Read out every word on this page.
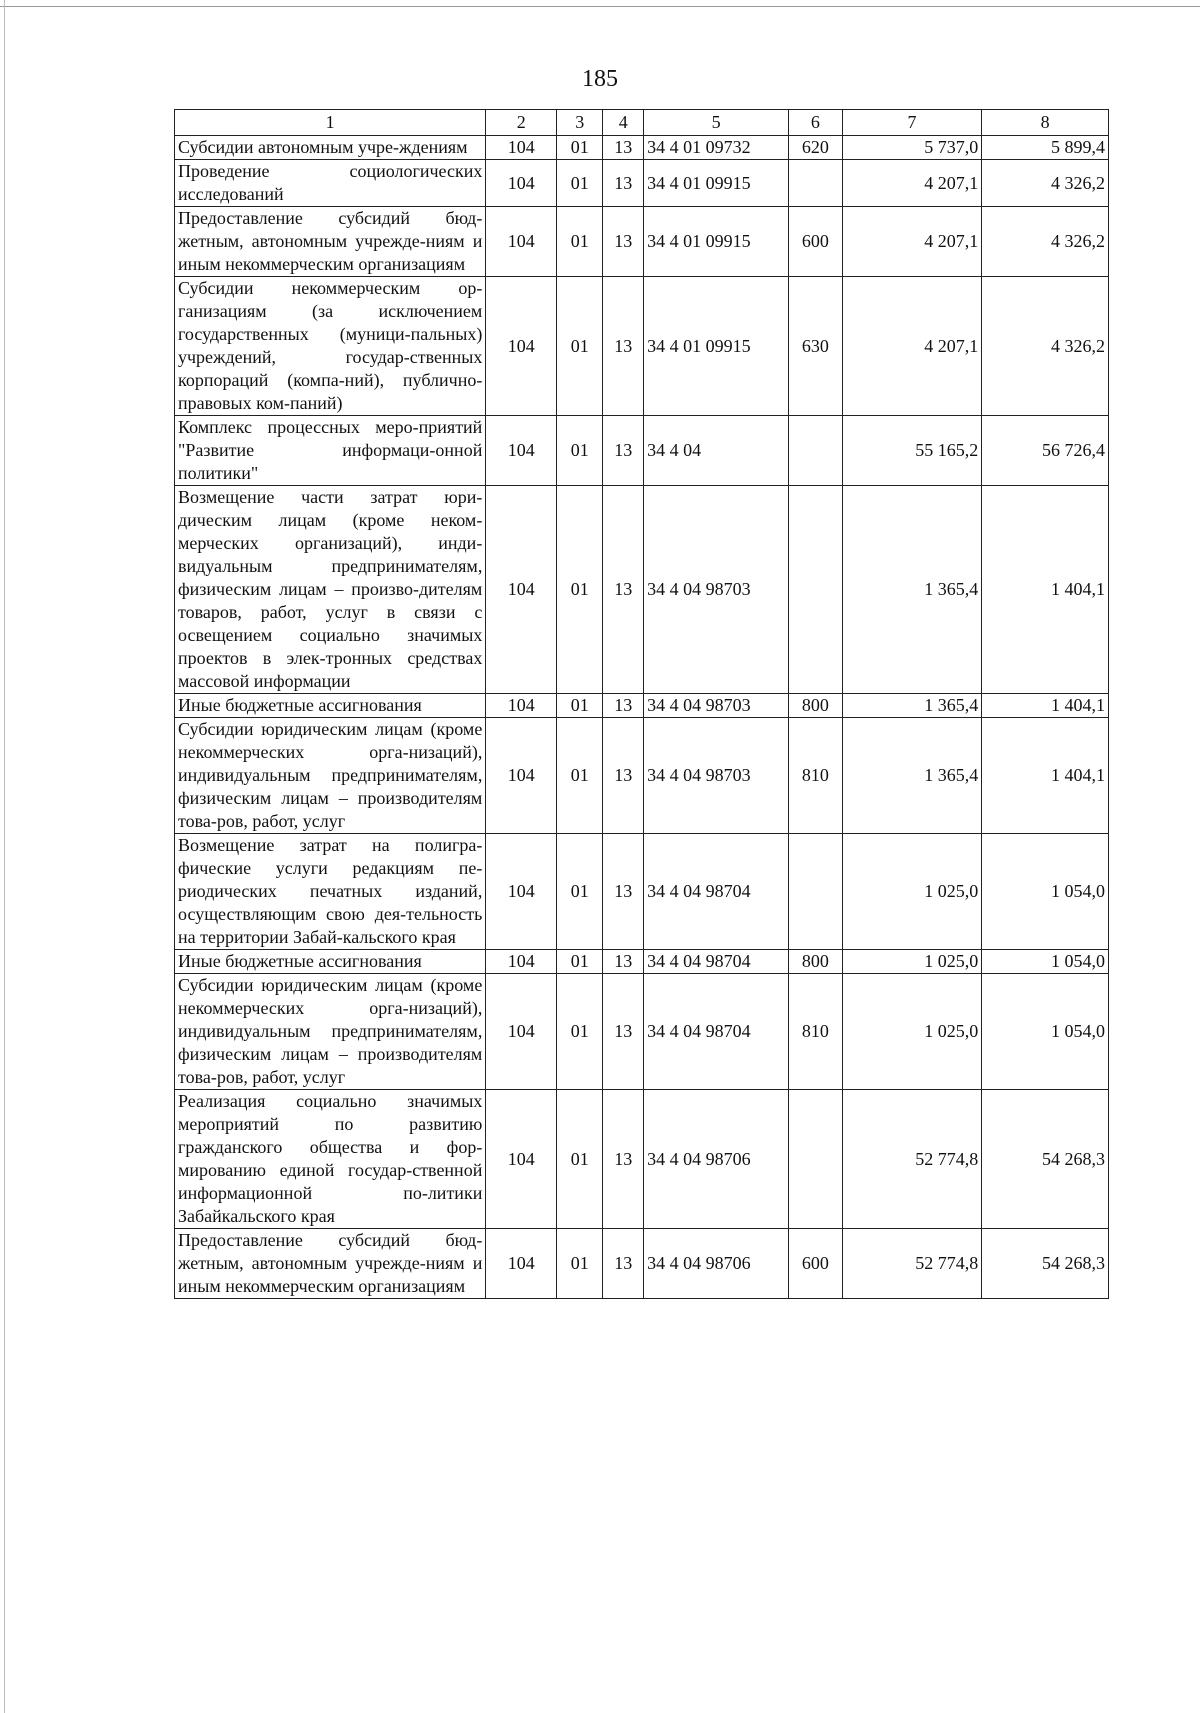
185
1	2	3	4	5	6	7	8
Субсидии автономным учре-ждениям	104	01	13	34 4 01 09732	620	5 737,0	5 899,4
Проведение социологических исследований	104	01	13	34 4 01 09915		4 207,1	4 326,2
Предоставление субсидий бюд-жетным, автономным учрежде-ниям и иным некоммерческим организациям	104	01	13	34 4 01 09915	600	4 207,1	4 326,2
Субсидии некоммерческим ор-ганизациям (за исключением государственных (муници-пальных) учреждений, государ-ственных корпораций (компа-ний), публично-правовых ком-паний)	104	01	13	34 4 01 09915	630	4 207,1	4 326,2
Комплекс процессных меро-приятий "Развитие информаци-онной политики"	104	01	13	34 4 04		55 165,2	56 726,4
Возмещение части затрат юри-дическим лицам (кроме неком-мерческих организаций), инди-видуальным предпринимателям, физическим лицам – произво-дителям товаров, работ, услуг в связи с освещением социально значимых проектов в элек-тронных средствах массовой информации	104	01	13	34 4 04 98703		1 365,4	1 404,1
Иные бюджетные ассигнования	104	01	13	34 4 04 98703	800	1 365,4	1 404,1
Субсидии юридическим лицам (кроме некоммерческих орга-низаций), индивидуальным предпринимателям, физическим лицам – производителям това-ров, работ, услуг	104	01	13	34 4 04 98703	810	1 365,4	1 404,1
Возмещение затрат на полигра-фические услуги редакциям пе-риодических печатных изданий, осуществляющим свою дея-тельность на территории Забай-кальского края	104	01	13	34 4 04 98704		1 025,0	1 054,0
Иные бюджетные ассигнования	104	01	13	34 4 04 98704	800	1 025,0	1 054,0
Субсидии юридическим лицам (кроме некоммерческих орга-низаций), индивидуальным предпринимателям, физическим лицам – производителям това-ров, работ, услуг	104	01	13	34 4 04 98704	810	1 025,0	1 054,0
Реализация социально значимых мероприятий по развитию гражданского общества и фор-мированию единой государ-ственной информационной по-литики Забайкальского края	104	01	13	34 4 04 98706		52 774,8	54 268,3
Предоставление субсидий бюд-жетным, автономным учрежде-ниям и иным некоммерческим организациям	104	01	13	34 4 04 98706	600	52 774,8	54 268,3
